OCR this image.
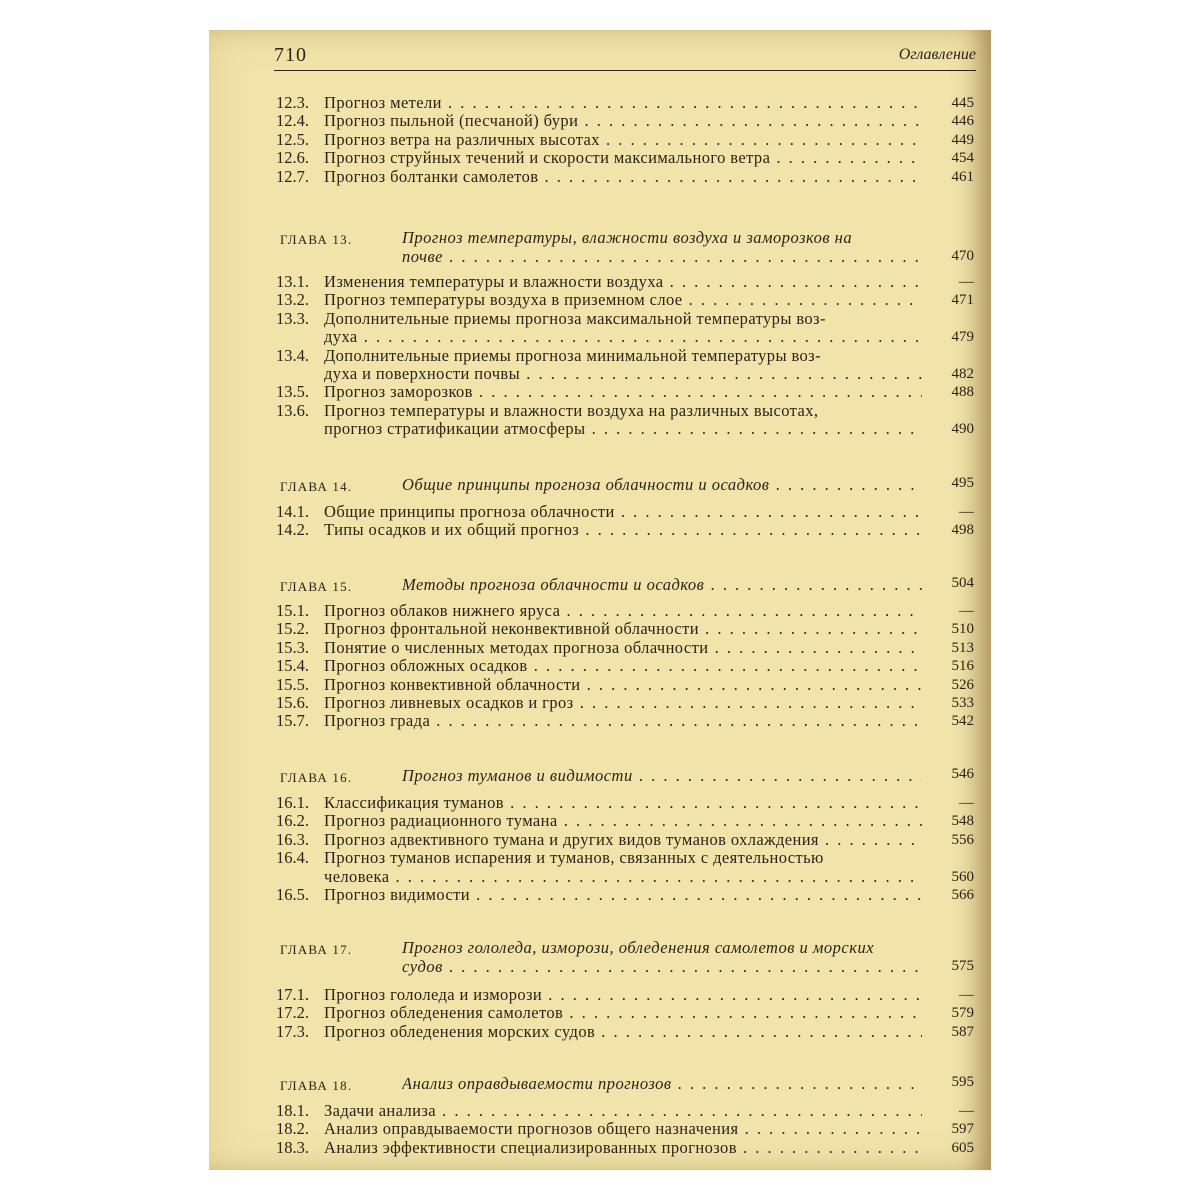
710	Оглавление
12.3. Прогноз метели . . .	445
12.4. Прогноз пыльной (песчаной) бури . . .	446
12.5. Прогноз ветра на различных высотах . . .	449
12.6. Прогноз струйных течений и скорости максимального ветра . . .	454
12.7. Прогноз болтанки самолетов . . .	461
ГЛАВА 13.	Прогноз температуры, влажности воздуха и заморозков на
почве . . .	470
13.1. Изменения температуры и влажности воздуха . . .	—
13.2. Прогноз температуры воздуха в приземном слое . . .	471
13.3. Дополнительные приемы прогноза максимальной температуры воз-
духа . . .	479
13.4. Дополнительные приемы прогноза минимальной температуры воз-
духа и поверхности почвы . . .	482
13.5. Прогноз заморозков . . .	488
13.6. Прогноз температуры и влажности воздуха на различных высотах,
прогноз стратификации атмосферы . . .	490
ГЛАВА 14.	Общие принципы прогноза облачности и осадков . . .	495
14.1. Общие принципы прогноза облачности . . .	—
14.2. Типы осадков и их общий прогноз . . .	498
ГЛАВА 15.	Методы прогноза облачности и осадков . . .	504
15.1. Прогноз облаков нижнего яруса . . .	—
15.2. Прогноз фронтальной неконвективной облачности . . .	510
15.3. Понятие о численных методах прогноза облачности . . .	513
15.4. Прогноз обложных осадков . . .	516
15.5. Прогноз конвективной облачности . . .	526
15.6. Прогноз ливневых осадков и гроз . . .	533
15.7. Прогноз града . . .	542
ГЛАВА 16.	Прогноз туманов и видимости . . .	546
16.1. Классификация туманов . . .	—
16.2. Прогноз радиационного тумана . . .	548
16.3. Прогноз адвективного тумана и других видов туманов охлаждения . . .	556
16.4. Прогноз туманов испарения и туманов, связанных с деятельностью
человека . . .	560
16.5. Прогноз видимости . . .	566
ГЛАВА 17.	Прогноз гололеда, изморози, обледенения самолетов и морских
судов . . .	575
17.1. Прогноз гололеда и изморози . . .	—
17.2. Прогноз обледенения самолетов . . .	579
17.3. Прогноз обледенения морских судов . . .	587
ГЛАВА 18.	Анализ оправдываемости прогнозов . . .	595
18.1. Задачи анализа . . .	—
18.2. Анализ оправдываемости прогнозов общего назначения . . .	597
18.3. Анализ эффективности специализированных прогнозов . . .	605
